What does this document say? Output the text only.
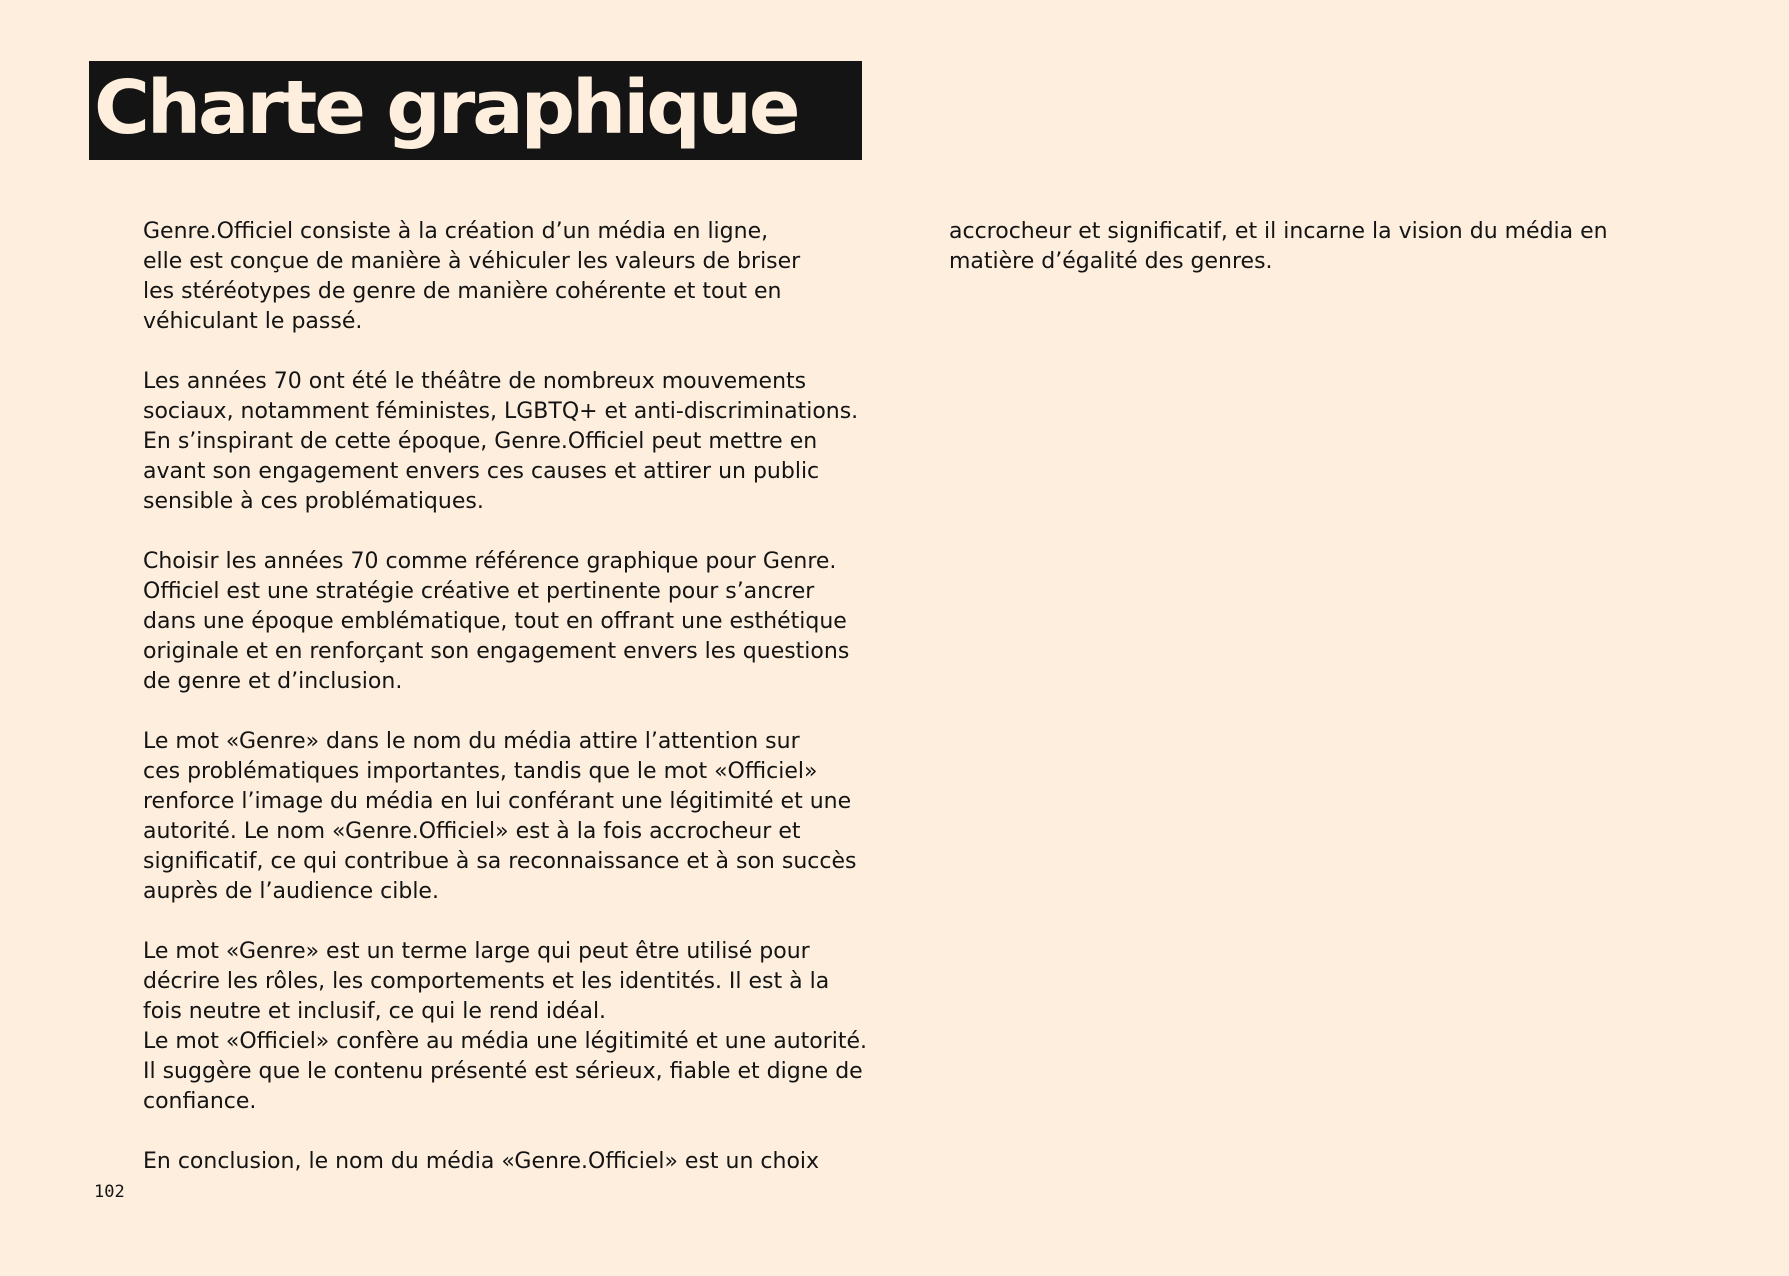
Charte graphique

Genre.Officiel consiste à la création d’un média en ligne,
elle est conçue de manière à véhiculer les valeurs de briser
les stéréotypes de genre de manière cohérente et tout en
véhiculant le passé.

Les années 70 ont été le théâtre de nombreux mouvements
sociaux, notamment féministes, LGBTQ+ et anti-discriminations.
En s’inspirant de cette époque, Genre.Officiel peut mettre en
avant son engagement envers ces causes et attirer un public
sensible à ces problématiques.

Choisir les années 70 comme référence graphique pour Genre.
Officiel est une stratégie créative et pertinente pour s’ancrer
dans une époque emblématique, tout en offrant une esthétique
originale et en renforçant son engagement envers les questions
de genre et d’inclusion.

Le mot «Genre» dans le nom du média attire l’attention sur
ces problématiques importantes, tandis que le mot «Officiel»
renforce l’image du média en lui conférant une légitimité et une
autorité. Le nom «Genre.Officiel» est à la fois accrocheur et
significatif, ce qui contribue à sa reconnaissance et à son succès
auprès de l’audience cible.

Le mot «Genre» est un terme large qui peut être utilisé pour
décrire les rôles, les comportements et les identités. Il est à la
fois neutre et inclusif, ce qui le rend idéal.
Le mot «Officiel» confère au média une légitimité et une autorité.
Il suggère que le contenu présenté est sérieux, fiable et digne de
confiance.

En conclusion, le nom du média «Genre.Officiel» est un choix

accrocheur et significatif, et il incarne la vision du média en
matière d’égalité des genres.

102
